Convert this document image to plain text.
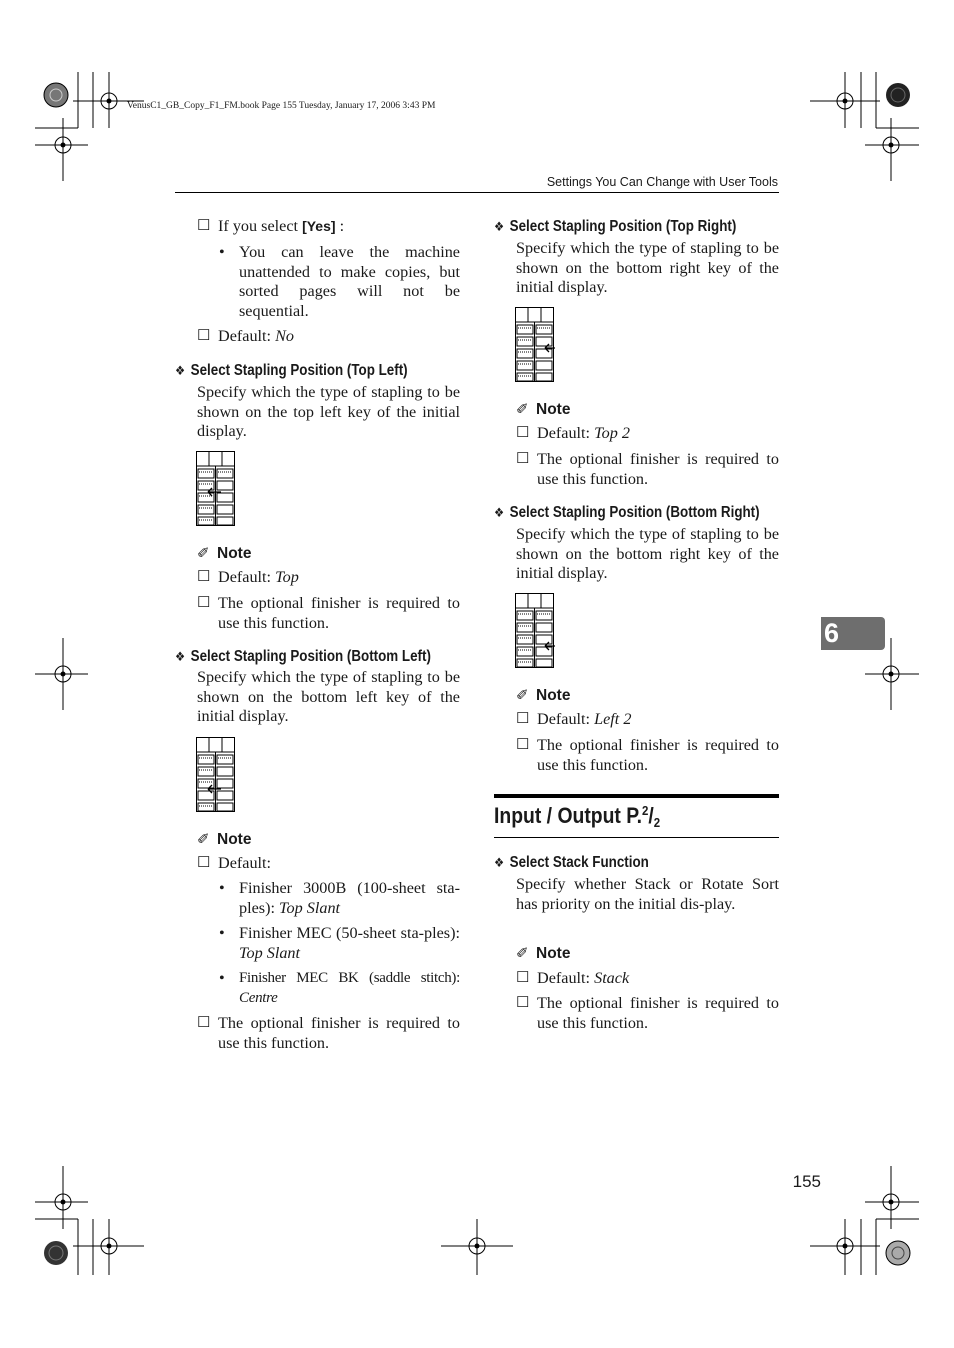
VenusC1_GB_Copy_F1_FM.book Page 155 Tuesday, January 17, 2006 3:43 PM
Settings You Can Change with User Tools
☐ If you select [Yes] :
• You can leave the machine unattended to make copies, but sorted pages will not be sequential.
☐ Default: No
❖ Select Stapling Position (Top Left)
Specify which the type of stapling to be shown on the top left key of the initial display.
✐ Note
☐ Default: Top
☐ The optional finisher is required to use this function.
❖ Select Stapling Position (Bottom Left)
Specify which the type of stapling to be shown on the bottom left key of the initial display.
✐ Note
☐ Default:
• Finisher 3000B (100-sheet sta-ples): Top Slant
• Finisher MEC (50-sheet sta-ples): Top Slant
• Finisher MEC BK (saddle stitch): Centre
☐ The optional finisher is required to use this function.
❖ Select Stapling Position (Top Right)
Specify which the type of stapling to be shown on the bottom right key of the initial display.
✐ Note
☐ Default: Top 2
☐ The optional finisher is required to use this function.
❖ Select Stapling Position (Bottom Right)
Specify which the type of stapling to be shown on the bottom right key of the initial display.
✐ Note
☐ Default: Left 2
☐ The optional finisher is required to use this function.
❖ Select Stack Function
Specify whether Stack or Rotate Sort has priority on the initial dis-play.
✐ Note
☐ Default: Stack
☐ The optional finisher is required to use this function.
Input / Output $P.^2/_2$
6
155
